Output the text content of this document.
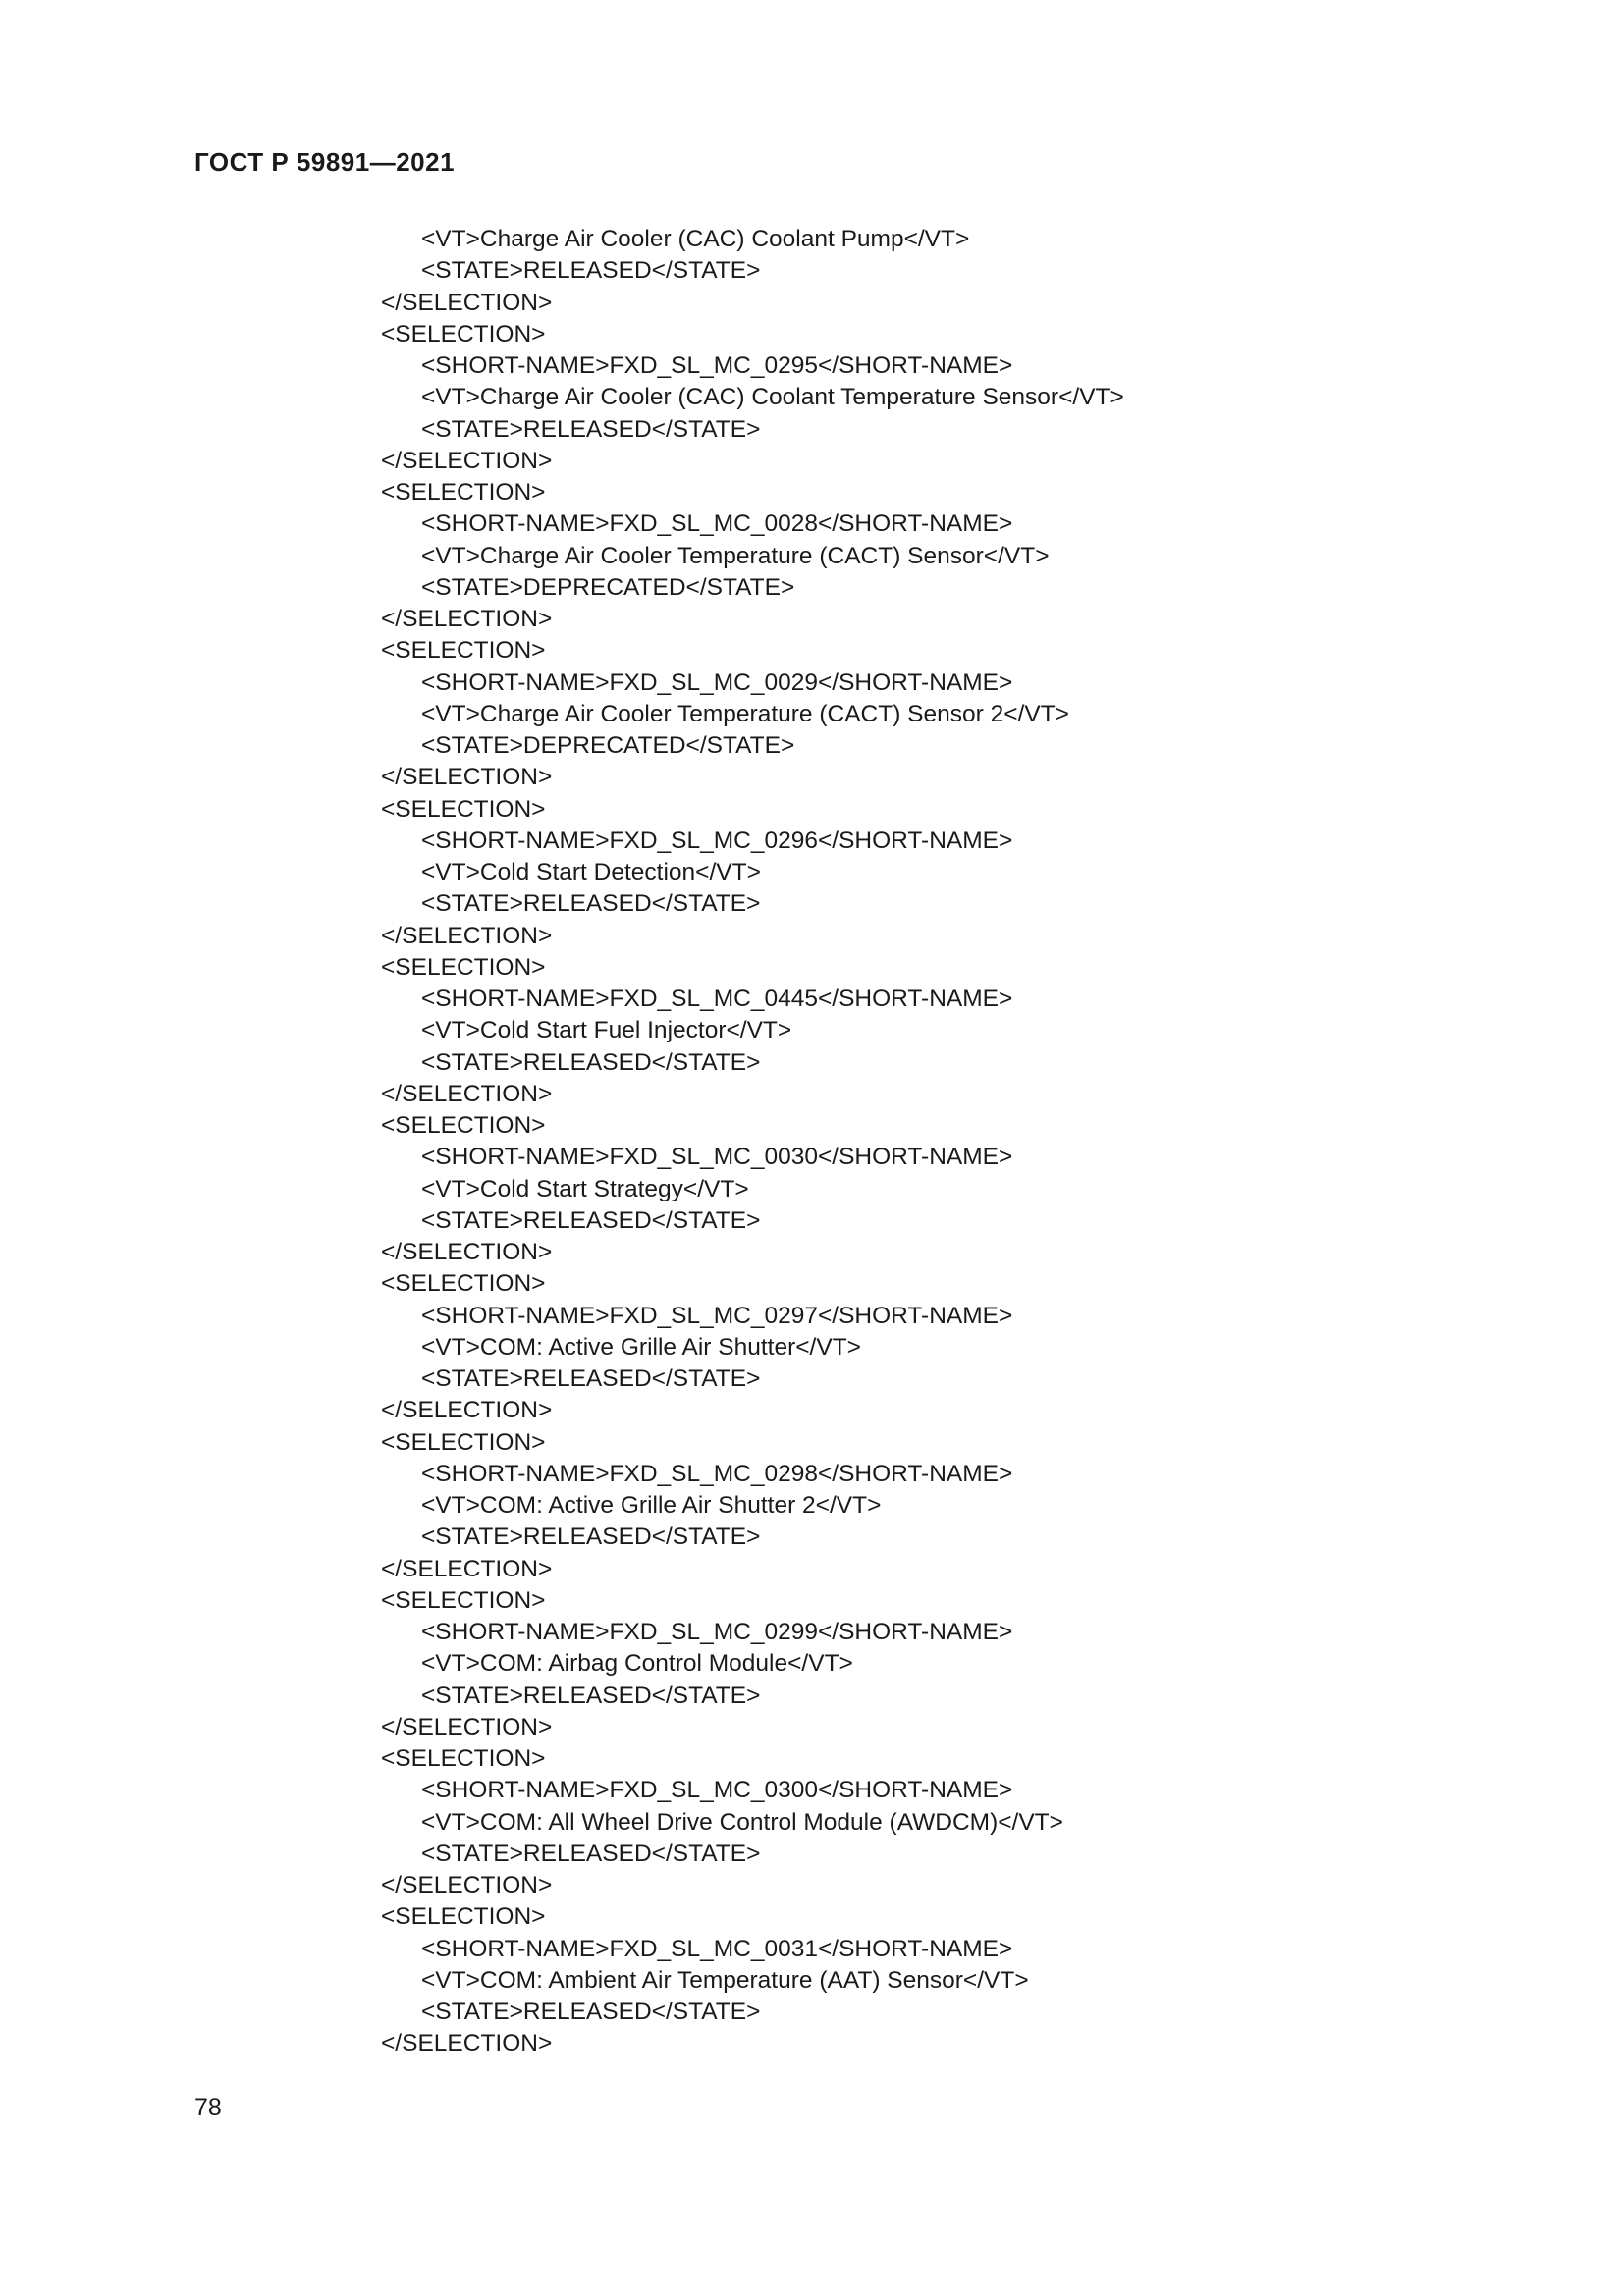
ГОСТ Р 59891—2021
<VT>Charge Air Cooler (CAC) Coolant Pump</VT>
<STATE>RELEASED</STATE>
</SELECTION>
<SELECTION>
<SHORT-NAME>FXD_SL_MC_0295</SHORT-NAME>
<VT>Charge Air Cooler (CAC) Coolant Temperature Sensor</VT>
<STATE>RELEASED</STATE>
</SELECTION>
<SELECTION>
<SHORT-NAME>FXD_SL_MC_0028</SHORT-NAME>
<VT>Charge Air Cooler Temperature (CACT) Sensor</VT>
<STATE>DEPRECATED</STATE>
</SELECTION>
<SELECTION>
<SHORT-NAME>FXD_SL_MC_0029</SHORT-NAME>
<VT>Charge Air Cooler Temperature (CACT) Sensor 2</VT>
<STATE>DEPRECATED</STATE>
</SELECTION>
<SELECTION>
<SHORT-NAME>FXD_SL_MC_0296</SHORT-NAME>
<VT>Cold Start Detection</VT>
<STATE>RELEASED</STATE>
</SELECTION>
<SELECTION>
<SHORT-NAME>FXD_SL_MC_0445</SHORT-NAME>
<VT>Cold Start Fuel Injector</VT>
<STATE>RELEASED</STATE>
</SELECTION>
<SELECTION>
<SHORT-NAME>FXD_SL_MC_0030</SHORT-NAME>
<VT>Cold Start Strategy</VT>
<STATE>RELEASED</STATE>
</SELECTION>
<SELECTION>
<SHORT-NAME>FXD_SL_MC_0297</SHORT-NAME>
<VT>COM: Active Grille Air Shutter</VT>
<STATE>RELEASED</STATE>
</SELECTION>
<SELECTION>
<SHORT-NAME>FXD_SL_MC_0298</SHORT-NAME>
<VT>COM: Active Grille Air Shutter 2</VT>
<STATE>RELEASED</STATE>
</SELECTION>
<SELECTION>
<SHORT-NAME>FXD_SL_MC_0299</SHORT-NAME>
<VT>COM: Airbag Control Module</VT>
<STATE>RELEASED</STATE>
</SELECTION>
<SELECTION>
<SHORT-NAME>FXD_SL_MC_0300</SHORT-NAME>
<VT>COM: All Wheel Drive Control Module (AWDCM)</VT>
<STATE>RELEASED</STATE>
</SELECTION>
<SELECTION>
<SHORT-NAME>FXD_SL_MC_0031</SHORT-NAME>
<VT>COM: Ambient Air Temperature (AAT) Sensor</VT>
<STATE>RELEASED</STATE>
</SELECTION>
78
